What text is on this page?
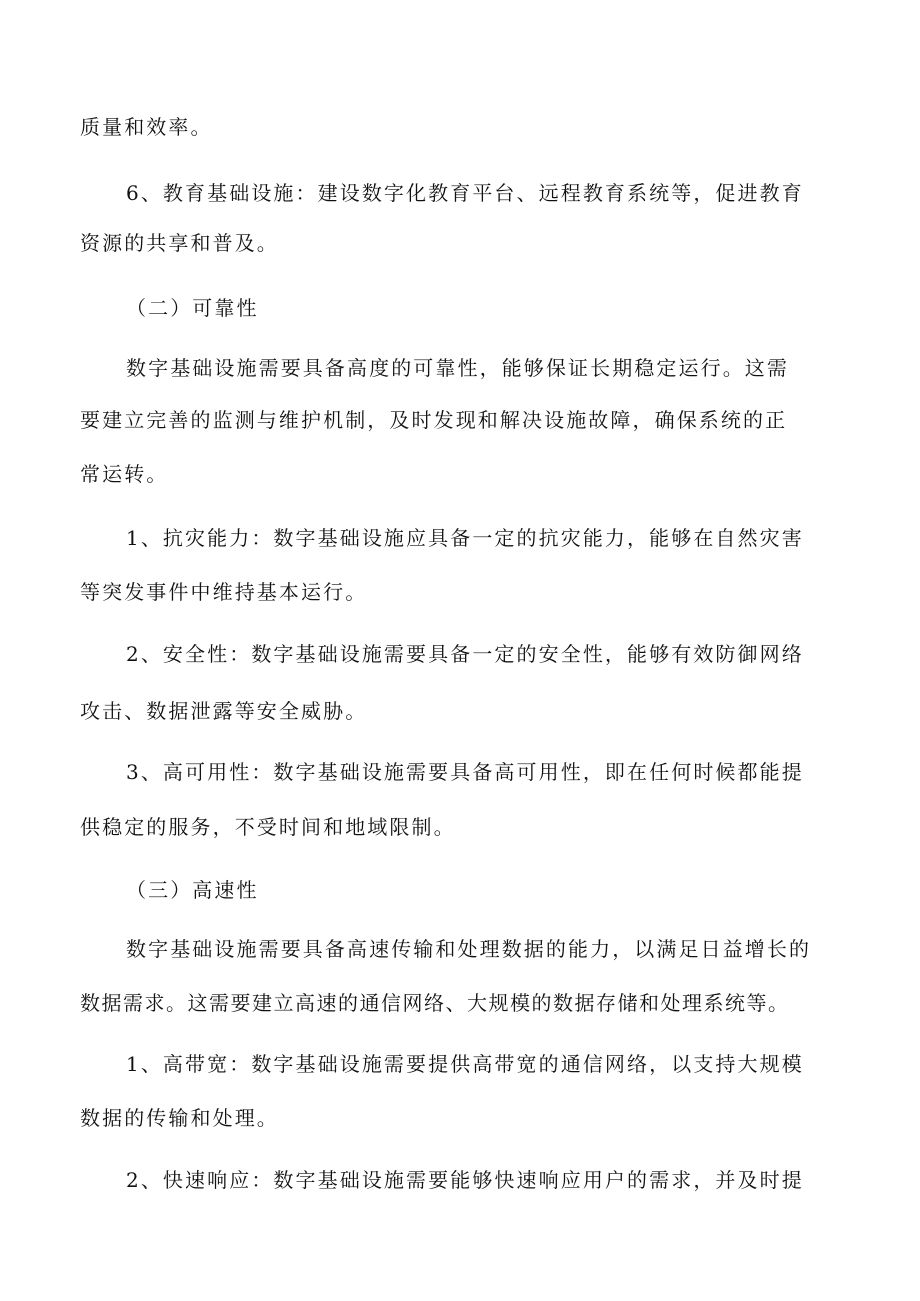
质量和效率。
6、教育基础设施：建设数字化教育平台、远程教育系统等，促进教育
资源的共享和普及。
（二）可靠性
数字基础设施需要具备高度的可靠性，能够保证长期稳定运行。这需
要建立完善的监测与维护机制，及时发现和解决设施故障，确保系统的正
常运转。
1、抗灾能力：数字基础设施应具备一定的抗灾能力，能够在自然灾害
等突发事件中维持基本运行。
2、安全性：数字基础设施需要具备一定的安全性，能够有效防御网络
攻击、数据泄露等安全威胁。
3、高可用性：数字基础设施需要具备高可用性，即在任何时候都能提
供稳定的服务，不受时间和地域限制。
（三）高速性
数字基础设施需要具备高速传输和处理数据的能力，以满足日益增长的
数据需求。这需要建立高速的通信网络、大规模的数据存储和处理系统等。
1、高带宽：数字基础设施需要提供高带宽的通信网络，以支持大规模
数据的传输和处理。
2、快速响应：数字基础设施需要能够快速响应用户的需求，并及时提
